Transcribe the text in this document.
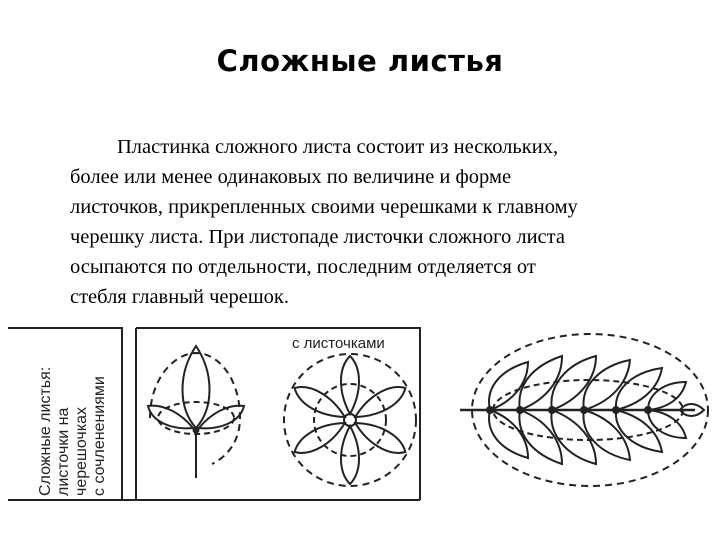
Сложные листья
Пластинка сложного листа состоит из нескольких,
более или менее одинаковых по величине и форме
листочков, прикрепленных своими черешками к главному
черешку листа. При листопаде листочки сложного листа
осыпаются по отдельности, последним отделяется от
стебля главный черешок.
Сложные листья: листочки на черешочках с сочленениями
с листочками
